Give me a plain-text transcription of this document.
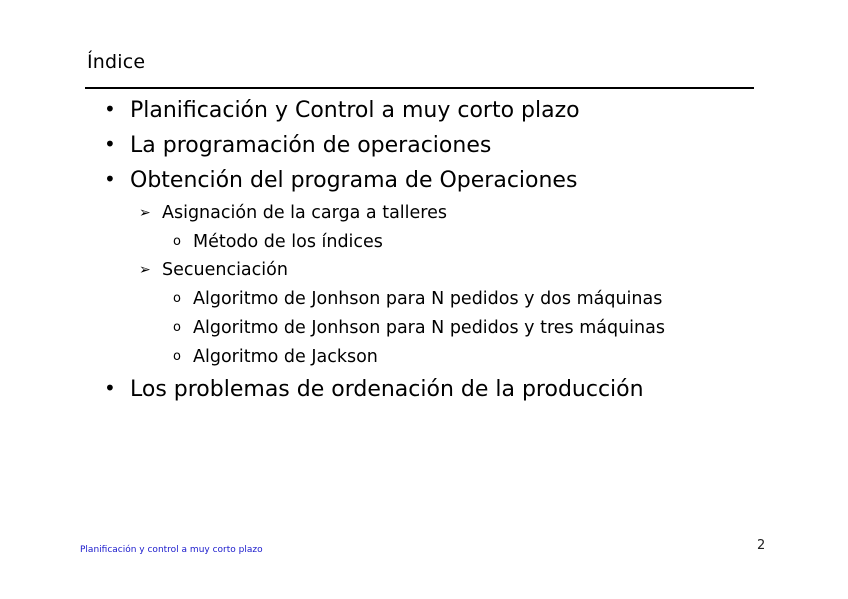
Índice
• Planificación y Control a muy corto plazo
• La programación de operaciones
• Obtención del programa de Operaciones
➢ Asignación de la carga a talleres
o Método de los índices
➢ Secuenciación
o Algoritmo de Jonhson para N pedidos y dos máquinas
o Algoritmo de Jonhson para N pedidos y tres máquinas
o Algoritmo de Jackson
• Los problemas de ordenación de la producción
Planificación y control a muy corto plazo	2
